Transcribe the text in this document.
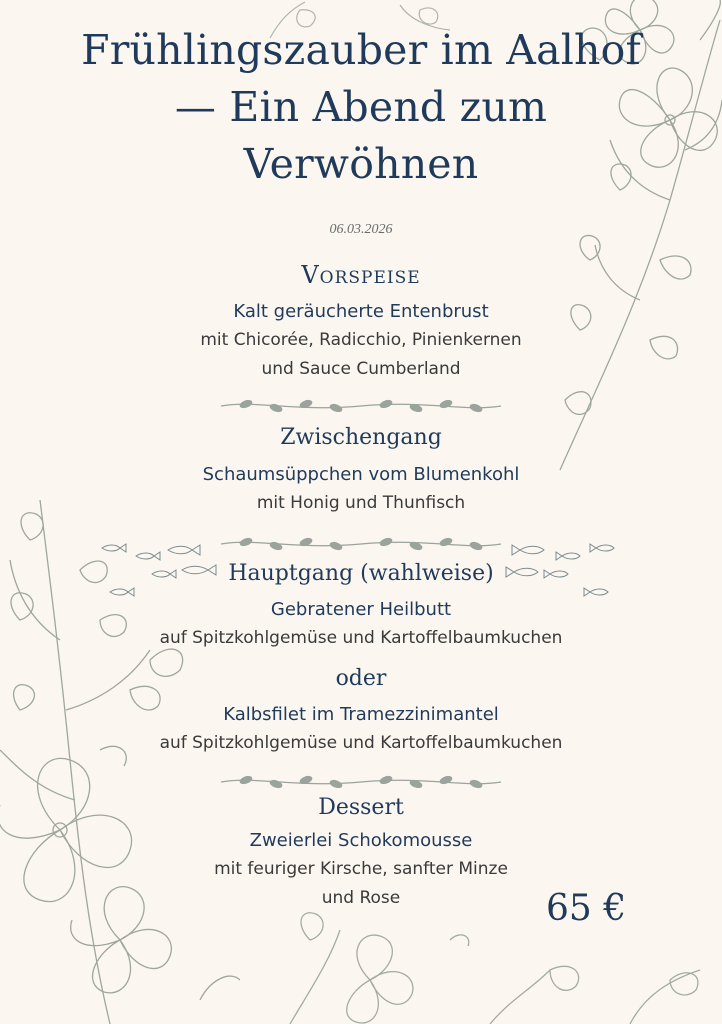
Frühlingszauber im Aalhof
— Ein Abend zum
Verwöhnen
06.03.2026
Vorspeise
Kalt geräucherte Entenbrust
mit Chicorée, Radicchio, Pinienkernen
und Sauce Cumberland
Zwischengang
Schaumsüppchen vom Blumenkohl
mit Honig und Thunfisch
Hauptgang (wahlweise)
Gebratener Heilbutt
auf Spitzkohlgemüse und Kartoffelbaumkuchen
oder
Kalbsfilet im Tramezzinimantel
auf Spitzkohlgemüse und Kartoffelbaumkuchen
Dessert
Zweierlei Schokomousse
mit feuriger Kirsche, sanfter Minze
und Rose	65 €
